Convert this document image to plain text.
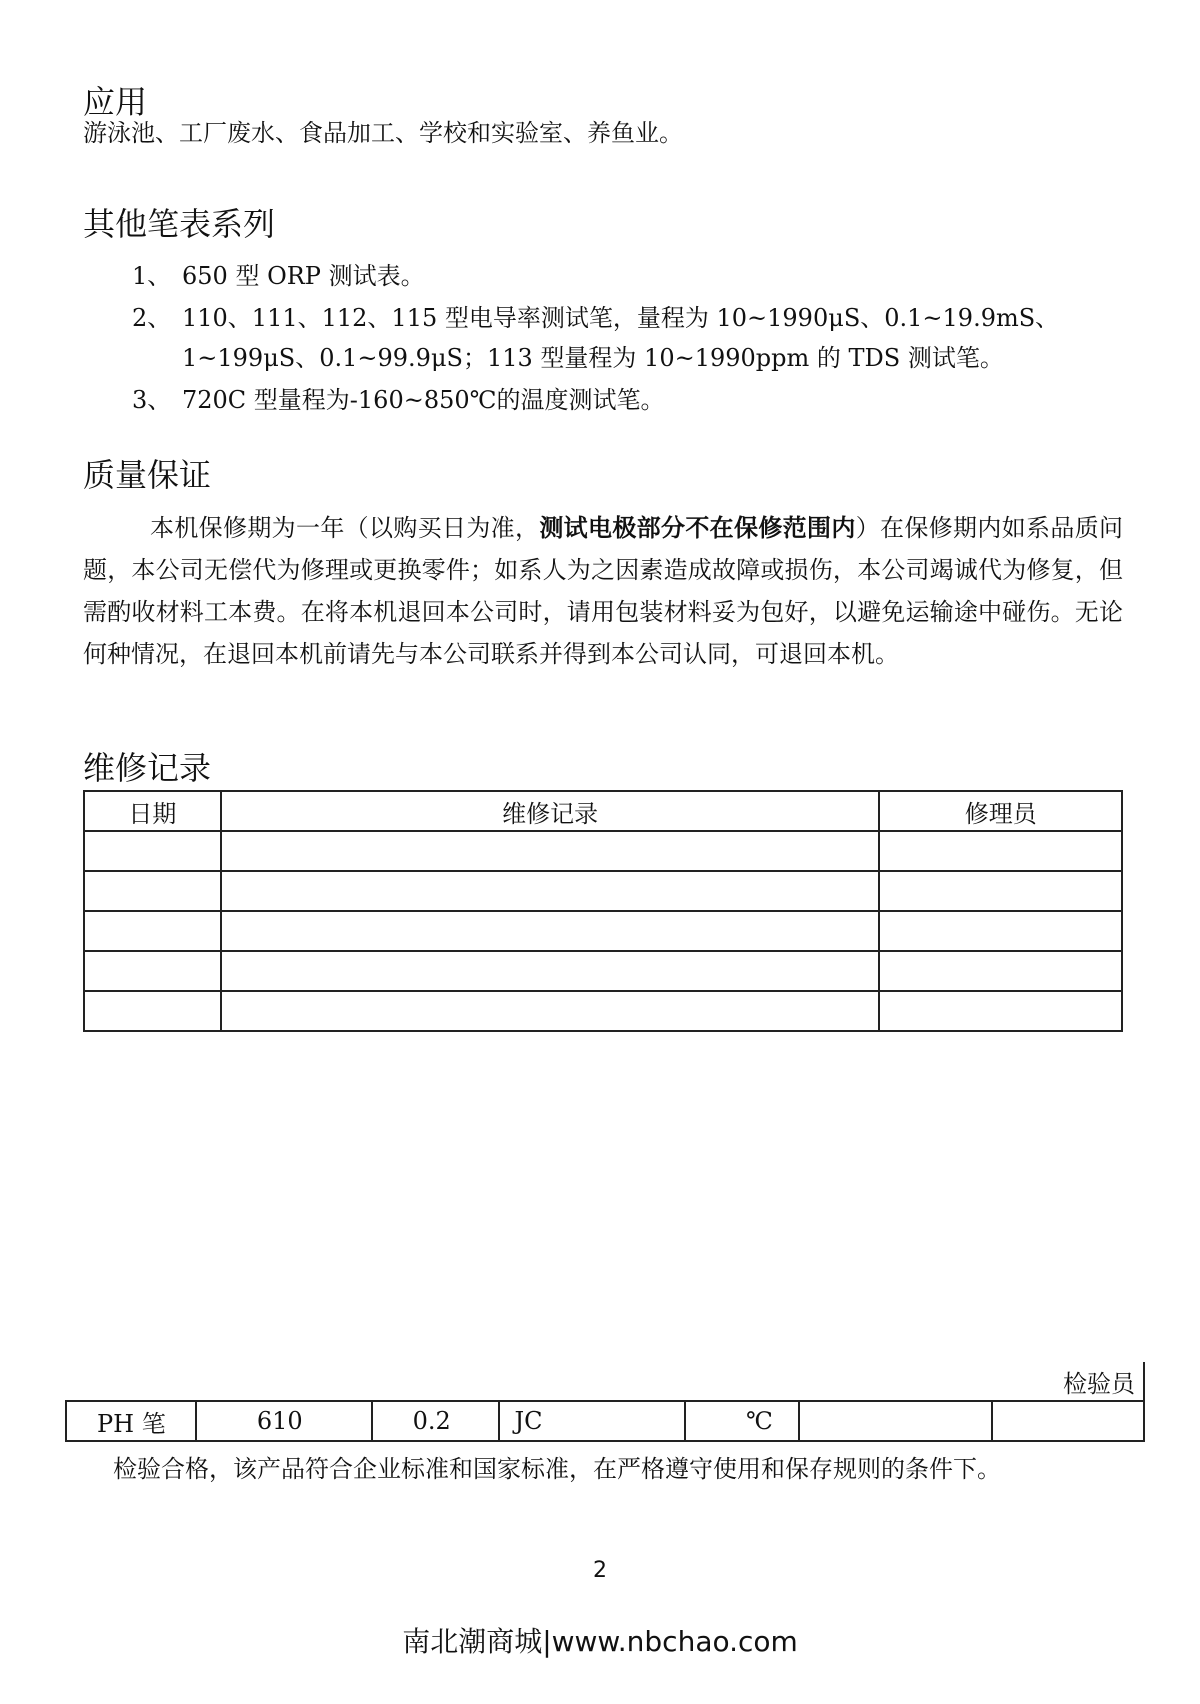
应用

游泳池、工厂废水、食品加工、学校和实验室、养鱼业。

其他笔表系列
1、 650 型 ORP 测试表。
2、 110、111、112、115 型电导率测试笔，量程为 10~1990μS、0.1~19.9mS、
1~199μS、0.1~99.9μS；113 型量程为 10~1990ppm 的 TDS 测试笔。
3、 720C 型量程为-160~850℃的温度测试笔。
质量保证

本机保修期为一年（以购买日为准，测试电极部分不在保修范围内）在保修期内如系品质问题，本公司无偿代为修理或更换零件；如系人为之因素造成故障或损伤，本公司竭诚代为修复，但需酌收材料工本费。在将本机退回本公司时，请用包装材料妥为包好，以避免运输途中碰伤。无论何种情况，在退回本机前请先与本公司联系并得到本公司认同，可退回本机。

维修记录
日期	维修记录	修理员

检验员
PH 笔	610	0.2	JC	℃		

检验合格，该产品符合企业标准和国家标准，在严格遵守使用和保存规则的条件下。

2
南北潮商城|www.nbchao.com
